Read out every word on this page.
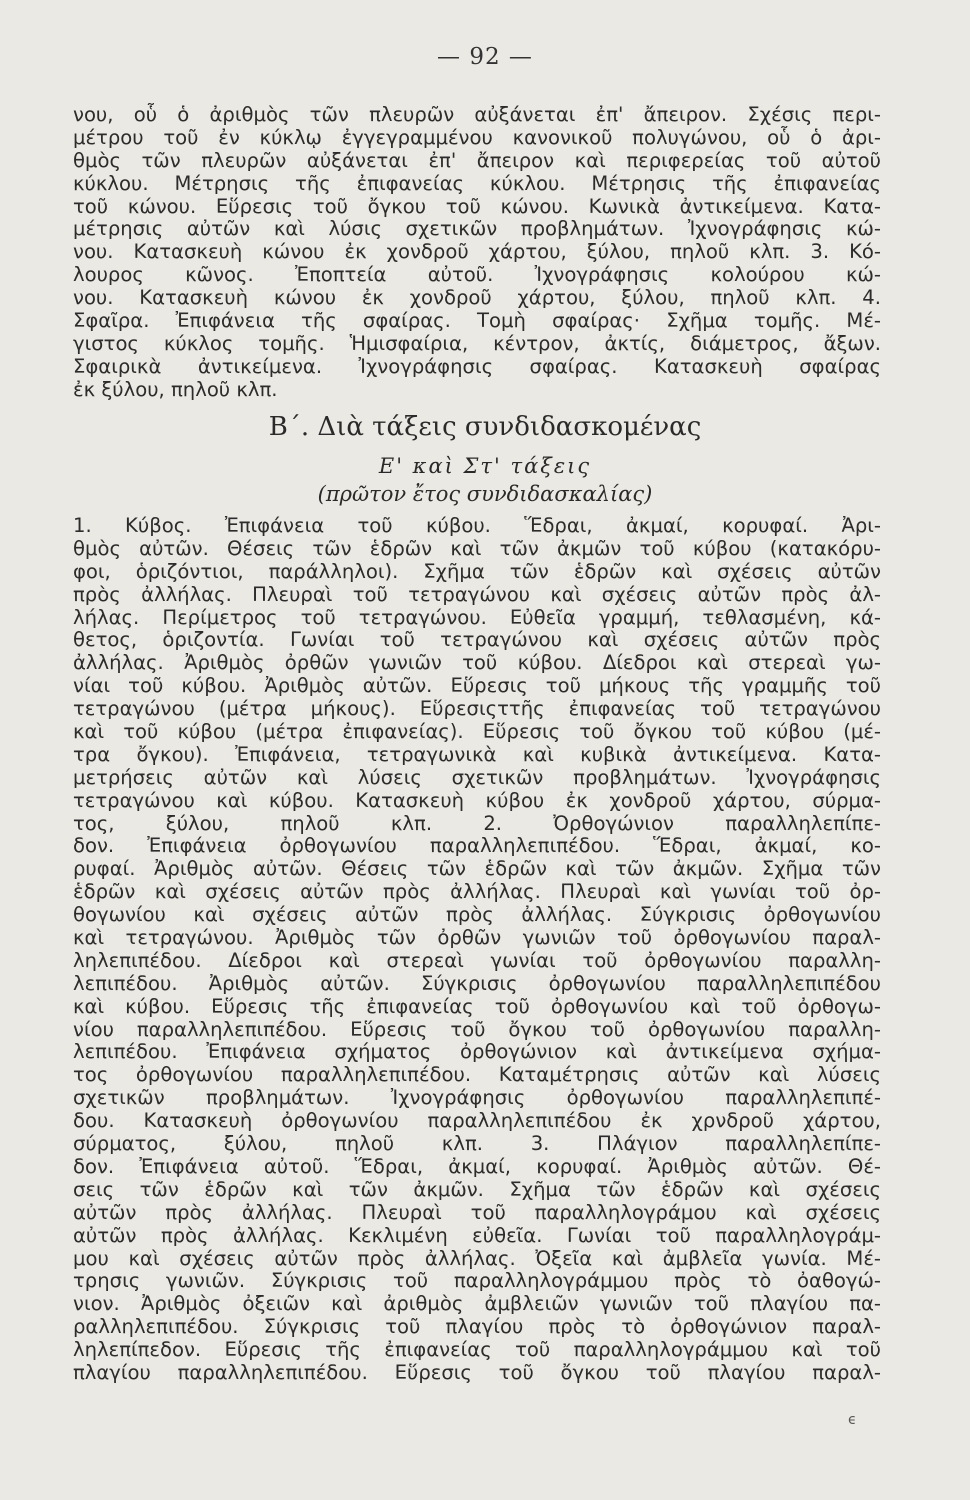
— 92 —
νου, οὗ ὁ ἀριθμὸς τῶν πλευρῶν αὐξάνεται ἐπ' ἄπειρον. Σχέσις περι-
μέτρου τοῦ ἐν κύκλῳ ἐγγεγραμμένου κανονικοῦ πολυγώνου, οὗ ὁ ἀρι-
θμὸς τῶν πλευρῶν αὐξάνεται ἐπ' ἄπειρον καὶ περιφερείας τοῦ αὐτοῦ
κύκλου. Μέτρησις τῆς ἐπιφανείας κύκλου. Μέτρησις τῆς ἐπιφανείας
τοῦ κώνου. Εὕρεσις τοῦ ὄγκου τοῦ κώνου. Κωνικὰ ἀντικείμενα. Κατα-
μέτρησις αὐτῶν καὶ λύσις σχετικῶν προβλημάτων. Ἰχνογράφησις κώ-
νου. Κατασκευὴ κώνου ἐκ χονδροῦ χάρτου, ξύλου, πηλοῦ κλπ. 3. Κό-
λουρος κῶνος. Ἐποπτεία αὐτοῦ. Ἰχνογράφησις κολούρου κώ-
νου. Κατασκευὴ κώνου ἐκ χονδροῦ χάρτου, ξύλου, πηλοῦ κλπ. 4.
Σφαῖρα. Ἐπιφάνεια τῆς σφαίρας. Τομὴ σφαίρας· Σχῆμα τομῆς. Μέ-
γιστος κύκλος τομῆς. Ἡμισφαίρια, κέντρον, ἀκτίς, διάμετρος, ἄξων.
Σφαιρικὰ ἀντικείμενα. Ἰχνογράφησις σφαίρας. Κατασκευὴ σφαίρας
ἐκ ξύλου, πηλοῦ κλπ.
Β΄. Διὰ τάξεις συνδιδασκομένας
Ε' καὶ Στ' τάξεις
(πρῶτον ἔτος συνδιδασκαλίας)
1. Κύβος. Ἐπιφάνεια τοῦ κύβου. Ἕδραι, ἀκμαί, κορυφαί. Ἀρι-
θμὸς αὐτῶν. Θέσεις τῶν ἑδρῶν καὶ τῶν ἀκμῶν τοῦ κύβου (κατακόρυ-
φοι, ὁριζόντιοι, παράλληλοι). Σχῆμα τῶν ἑδρῶν καὶ σχέσεις αὐτῶν
πρὸς ἀλλήλας. Πλευραὶ τοῦ τετραγώνου καὶ σχέσεις αὐτῶν πρὸς ἀλ-
λήλας. Περίμετρος τοῦ τετραγώνου. Εὐθεῖα γραμμή, τεθλασμένη, κά-
θετος, ὁριζοντία. Γωνίαι τοῦ τετραγώνου καὶ σχέσεις αὐτῶν πρὸς
ἀλλήλας. Ἀριθμὸς ὀρθῶν γωνιῶν τοῦ κύβου. Δίεδροι καὶ στερεαὶ γω-
νίαι τοῦ κύβου. Ἀριθμὸς αὐτῶν. Εὕρεσις τοῦ μήκους τῆς γραμμῆς τοῦ
τετραγώνου (μέτρα μήκους). Εὕρεσιςττῆς ἐπιφανείας τοῦ τετραγώνου
καὶ τοῦ κύβου (μέτρα ἐπιφανείας). Εὕρεσις τοῦ ὄγκου τοῦ κύβου (μέ-
τρα ὄγκου). Ἐπιφάνεια, τετραγωνικὰ καὶ κυβικὰ ἀντικείμενα. Κατα-
μετρήσεις αὐτῶν καὶ λύσεις σχετικῶν προβλημάτων. Ἰχνογράφησις
τετραγώνου καὶ κύβου. Κατασκευὴ κύβου ἐκ χονδροῦ χάρτου, σύρμα-
τος, ξύλου, πηλοῦ κλπ. 2. Ὀρθογώνιον παραλληλεπίπε-
δον. Ἐπιφάνεια ὀρθογωνίου παραλληλεπιπέδου. Ἕδραι, ἀκμαί, κο-
ρυφαί. Ἀριθμὸς αὐτῶν. Θέσεις τῶν ἑδρῶν καὶ τῶν ἀκμῶν. Σχῆμα τῶν
ἑδρῶν καὶ σχέσεις αὐτῶν πρὸς ἀλλήλας. Πλευραὶ καὶ γωνίαι τοῦ ὀρ-
θογωνίου καὶ σχέσεις αὐτῶν πρὸς ἀλλήλας. Σύγκρισις ὀρθογωνίου
καὶ τετραγώνου. Ἀριθμὸς τῶν ὀρθῶν γωνιῶν τοῦ ὀρθογωνίου παραλ-
ληλεπιπέδου. Δίεδροι καὶ στερεαὶ γωνίαι τοῦ ὀρθογωνίου παραλλη-
λεπιπέδου. Ἀριθμὸς αὐτῶν. Σύγκρισις ὀρθογωνίου παραλληλεπιπέδου
καὶ κύβου. Εὕρεσις τῆς ἐπιφανείας τοῦ ὀρθογωνίου καὶ τοῦ ὀρθογω-
νίου παραλληλεπιπέδου. Εὕρεσις τοῦ ὄγκου τοῦ ὀρθογωνίου παραλλη-
λεπιπέδου. Ἐπιφάνεια σχήματος ὀρθογώνιον καὶ ἀντικείμενα σχήμα-
τος ὀρθογωνίου παραλληλεπιπέδου. Καταμέτρησις αὐτῶν καὶ λύσεις
σχετικῶν προβλημάτων. Ἰχνογράφησις ὀρθογωνίου παραλληλεπιπέ-
δου. Κατασκευὴ ὀρθογωνίου παραλληλεπιπέδου ἐκ χρνδροῦ χάρτου,
σύρματος, ξύλου, πηλοῦ κλπ. 3. Πλάγιον παραλληλεπίπε-
δον. Ἐπιφάνεια αὐτοῦ. Ἕδραι, ἀκμαί, κορυφαί. Ἀριθμὸς αὐτῶν. Θέ-
σεις τῶν ἑδρῶν καὶ τῶν ἀκμῶν. Σχῆμα τῶν ἑδρῶν καὶ σχέσεις
αὐτῶν πρὸς ἀλλήλας. Πλευραὶ τοῦ παραλληλογράμου καὶ σχέσεις
αὐτῶν πρὸς ἀλλήλας. Κεκλιμένη εὐθεῖα. Γωνίαι τοῦ παραλληλογράμ-
μου καὶ σχέσεις αὐτῶν πρὸς ἀλλήλας. Ὀξεῖα καὶ ἀμβλεῖα γωνία. Μέ-
τρησις γωνιῶν. Σύγκρισις τοῦ παραλληλογράμμου πρὸς τὸ ὀαθογώ-
νιον. Ἀριθμὸς ὀξειῶν καὶ ἀριθμὸς ἀμβλειῶν γωνιῶν τοῦ πλαγίου πα-
ραλληλεπιπέδου. Σύγκρισις τοῦ πλαγίου πρὸς τὸ ὀρθογώνιον παραλ-
ληλεπίπεδον. Εὕρεσις τῆς ἐπιφανείας τοῦ παραλληλογράμμου καὶ τοῦ
πλαγίου παραλληλεπιπέδου. Εὕρεσις τοῦ ὄγκου τοῦ πλαγίου παραλ-
ϵ
